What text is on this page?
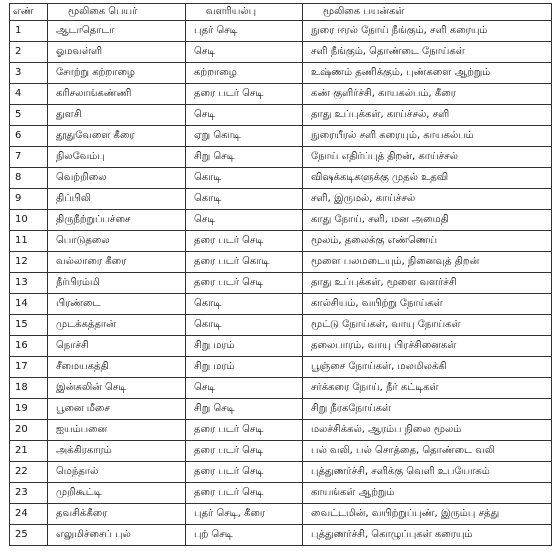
எண்	மூலிகை பெயர்	வளரியல்பு	மூலிகை பயன்கள்
1	ஆடாதொடா	புதர் செடி	நுரை ஈரல் நோய் நீங்கும், சளி கரையும்
2	ஓமவள்ளி	செடி	சளி நீங்கும், தொண்டை நோய்கள்
3	சோற்று கற்றாழை	கற்றாழை	உஷ்ணம் தணிக்கும், புண்களை ஆற்றும்
4	கரிசலாங்கண்ணி	தரை படர் செடி	கண் குளிர்ச்சி, காயகல்பம், கீரை
5	துளசி	செடி	தாது உப்புக்கள், காய்ச்சல், சளி
6	தூதுவேளை கீரை	ஏறு கொடி	நுரையீரல் சளி கரையும், காயகல்பம்
7	நிலவேம்பு	சிறு செடி	நோய் எதிர்ப்புத் திறன், காய்ச்சல்
8	வெற்றிலை	கொடி	விஷக்கடிகளுக்கு முதல் உதவி
9	திப்பிலி	கொடி	சளி, இருமல், காய்ச்சல்
10	திருநீற்றுப்பச்சை	செடி	காது நோய், சளி, மன அமைதி
11	பொடுதலை	தரை படர் செடி	மூலம், தலைக்கு எண்ணெய்
12	வல்லாரை கீரை	தரை படர் கொடி	மூளை பலமடையும், நினைவுத் திறன்
13	நீர்பிரம்மி	தரை படர் செடி	தாது உப்புக்கள், மூளை வளர்ச்சி
14	பிரண்டை	கொடி	கால்சியம், வயிற்று நோய்கள்
15	முடக்கத்தான்	கொடி	மூட்டு நோய்கள், வாயு நோய்கள்
16	நொச்சி	சிறு மரம்	தலைபாரம், வாயு பிரச்சினைகள்
17	சீமையகத்தி	சிறு மரம்	பூஞ்சை நோய்கள், மலமிலக்கி
18	இன்சுலின் செடி	செடி	சர்க்கரை நோய், நீர் கட்டிகள்
19	பூனை மீசை	சிறு செடி	சிறு நீரகநோய்கள்
20	ஐயம்பனை	தரை படர் செடி	மலச்சிக்கல், ஆரம்ப நிலை மூலம்
21	அக்கிரகாரம்	தரை படர் செடி	பல் வலி, பல் சொத்தை, தொண்டை வலி
22	மெந்தால்	தரை படர் செடி	புத்துணர்ச்சி, சளிக்கு வெளி உபயோகம்
23	முறிகூட்டி	தரை படர் செடி	காயங்கள் ஆற்றும்
24	தவசிக்கீரை	புதர் செடி, கீரை	வைட்டமின், வயிற்றுப்புண், இரும்பு சத்து
25	எலுமிச்சைப் புல்	புற் செடி	புத்துணர்ச்சி, கொழுப்புகள் கரையும்
